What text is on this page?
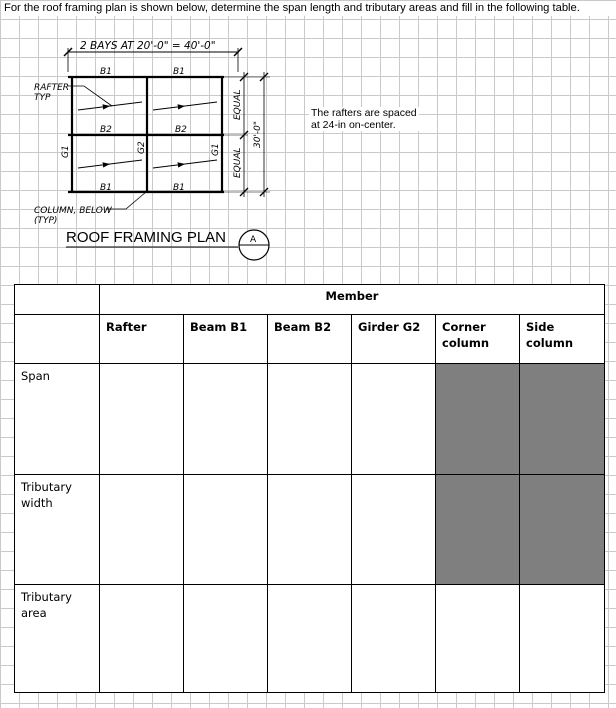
For the roof framing plan is shown below, determine the span length and tributary areas and fill in the following table.
2 BAYS AT 20'-0" = 40'-0"
RAFTER
TYP
B1	B1
B2	B2
B1	B1
G1	G2	G1
EQUAL
EQUAL
30'-0"
COLUMN, BELOW
(TYP)
ROOF FRAMING PLAN	A
The rafters are spaced
at 24-in on-center.
	Member					
	Rafter	Beam B1	Beam B2	Girder G2	Corner column	Side column
Span						
Tributary width						
Tributary area						
